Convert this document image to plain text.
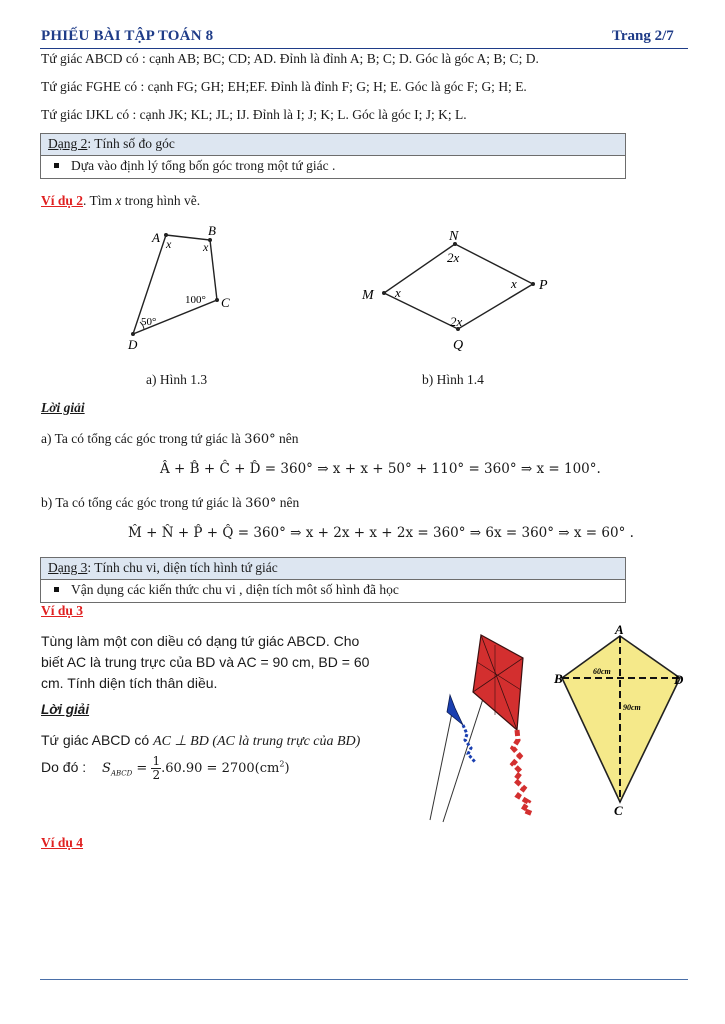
PHIẾU BÀI TẬP TOÁN 8	Trang 2/7
Tứ giác ABCD có : cạnh AB; BC; CD; AD. Đỉnh là đỉnh A; B; C; D. Góc là góc A; B; C; D.
Tứ giác FGHE có : cạnh FG; GH; EH;EF. Đỉnh là đỉnh F; G; H; E. Góc là góc F; G; H; E.
Tứ giác IJKL có : cạnh JK; KL; JL; IJ. Đỉnh là I; J; K; L. Góc là góc I; J; K; L.
Dạng 2: Tính số đo góc
Dựa vào định lý tổng bốn góc trong một tứ giác .
Ví dụ 2. Tìm x trong hình vẽ.
A	B
C
D
x	x
100°
50°
a) Hình 1.3
N
P
Q
M
2x
x
2x
x
b) Hình 1.4
Lời giải
a) Ta có tổng các góc trong tứ giác là 360° nên
Â + B̂ + Ĉ + D̂ = 360° ⇒ x + x + 50° + 110° = 360° ⇒ x = 100°.
b) Ta có tổng các góc trong tứ giác là 360° nên
M̂ + N̂ + P̂ + Q̂ = 360° ⇒ x + 2x + x + 2x = 360° ⇒ 6x = 360° ⇒ x = 60° .
Dạng 3: Tính chu vi, diện tích hình tứ giác
Vận dụng các kiến thức chu vi , diện tích môt số hình đã học
Ví dụ 3
Tùng làm một con diều có dạng tứ giác ABCD. Cho
biết AC là trung trực của BD và AC = 90 cm, BD = 60
cm. Tính diện tích thân diều.
Lời giải
Tứ giác ABCD có AC ⊥ BD (AC là trung trực của BD)
Do đó : $S_{ABCD} = \frac{1}{2} .60.90 = 2700(cm^2)$
A
B	D
C
60cm
90cm
Ví dụ 4
